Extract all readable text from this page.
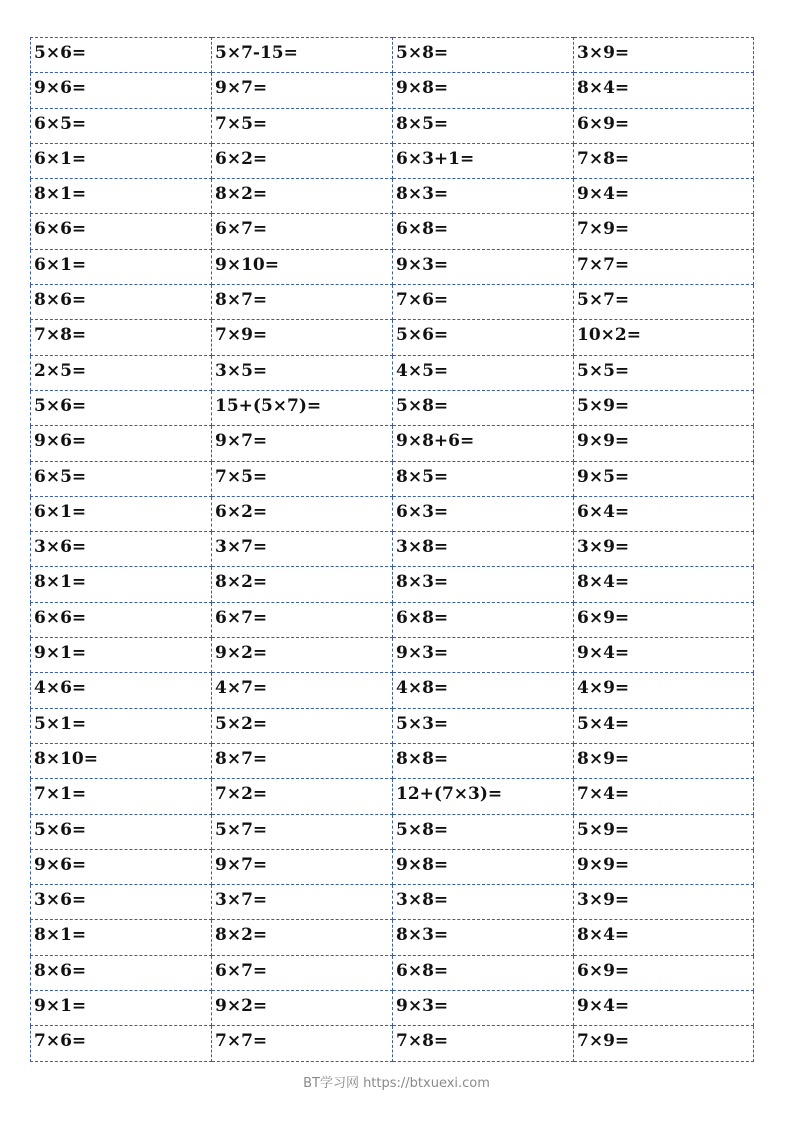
5×6=	5×7-15=	5×8=	3×9=
9×6=	9×7=	9×8=	8×4=
6×5=	7×5=	8×5=	6×9=
6×1=	6×2=	6×3+1=	7×8=
8×1=	8×2=	8×3=	9×4=
6×6=	6×7=	6×8=	7×9=
6×1=	9×10=	9×3=	7×7=
8×6=	8×7=	7×6=	5×7=
7×8=	7×9=	5×6=	10×2=
2×5=	3×5=	4×5=	5×5=
5×6=	15+(5×7)=	5×8=	5×9=
9×6=	9×7=	9×8+6=	9×9=
6×5=	7×5=	8×5=	9×5=
6×1=	6×2=	6×3=	6×4=
3×6=	3×7=	3×8=	3×9=
8×1=	8×2=	8×3=	8×4=
6×6=	6×7=	6×8=	6×9=
9×1=	9×2=	9×3=	9×4=
4×6=	4×7=	4×8=	4×9=
5×1=	5×2=	5×3=	5×4=
8×10=	8×7=	8×8=	8×9=
7×1=	7×2=	12+(7×3)=	7×4=
5×6=	5×7=	5×8=	5×9=
9×6=	9×7=	9×8=	9×9=
3×6=	3×7=	3×8=	3×9=
8×1=	8×2=	8×3=	8×4=
8×6=	6×7=	6×8=	6×9=
9×1=	9×2=	9×3=	9×4=
7×6=	7×7=	7×8=	7×9=
BT学习网 https://btxuexi.com
